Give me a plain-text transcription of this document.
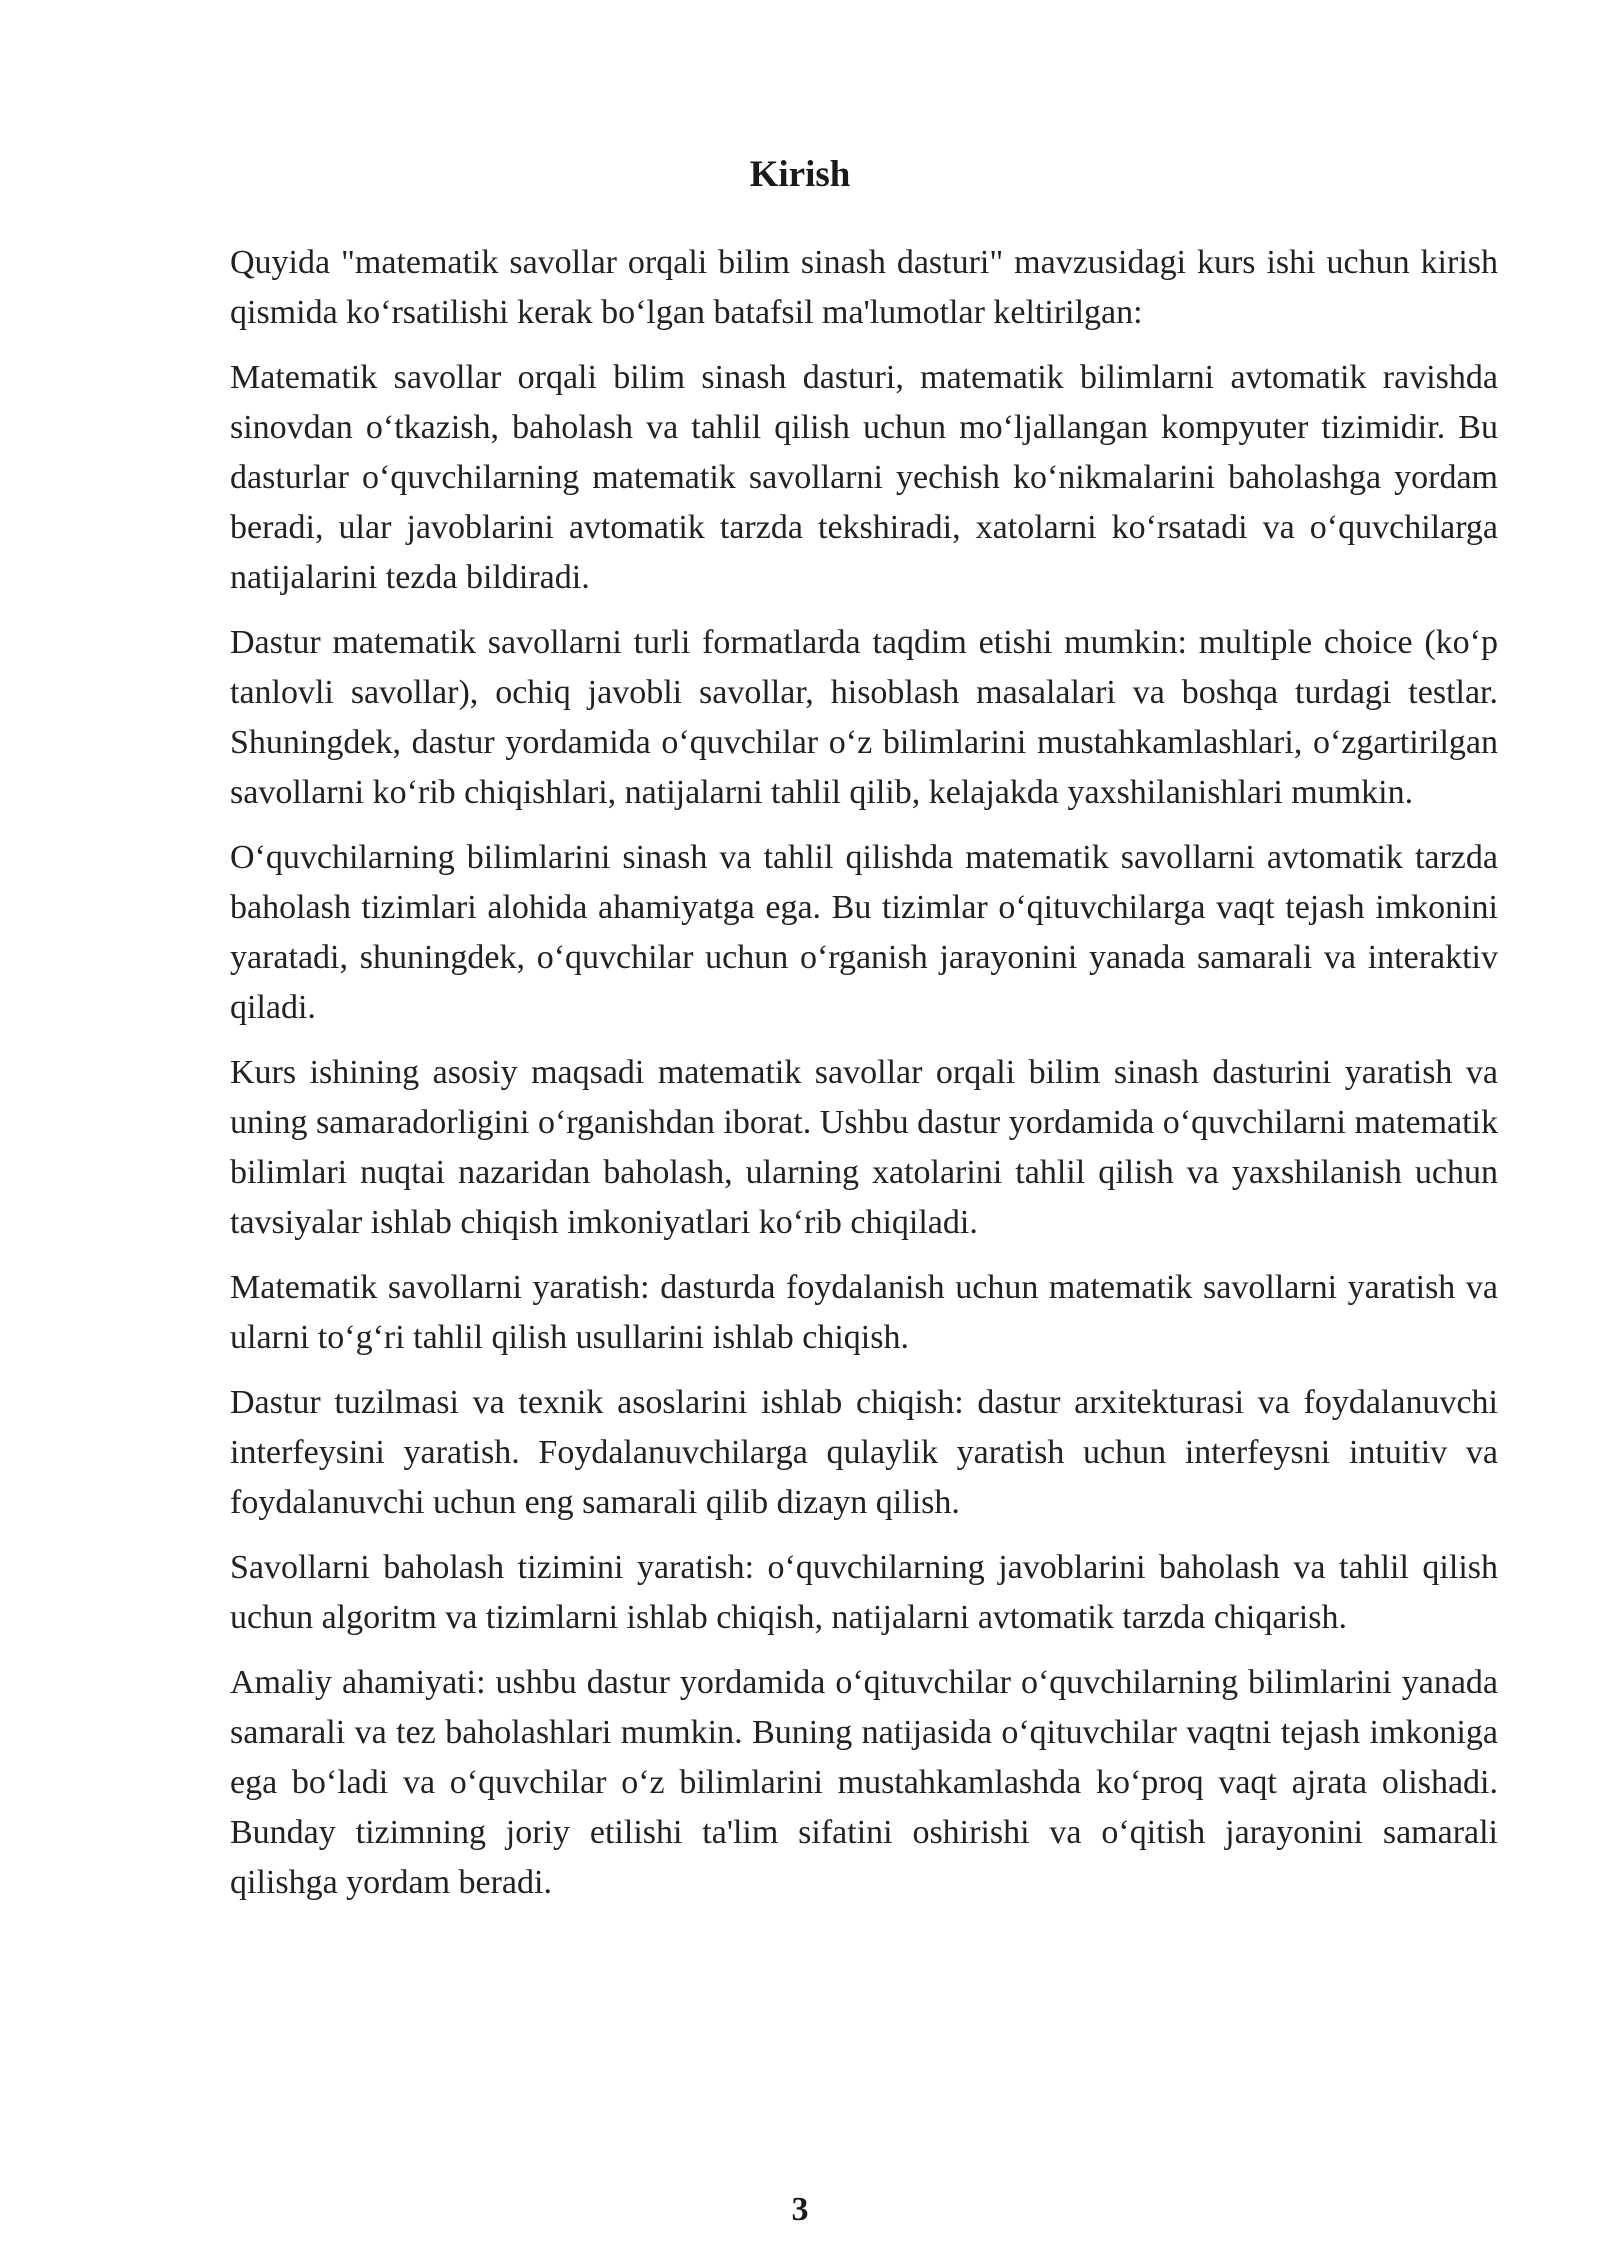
Kirish

Quyida "matematik savollar orqali bilim sinash dasturi" mavzusidagi kurs ishi uchun kirish qismida koʻrsatilishi kerak boʻlgan batafsil ma'lumotlar keltirilgan:

Matematik savollar orqali bilim sinash dasturi, matematik bilimlarni avtomatik ravishda sinovdan oʻtkazish, baholash va tahlil qilish uchun moʻljallangan kompyuter tizimidir. Bu dasturlar oʻquvchilarning matematik savollarni yechish koʻnikmalarini baholashga yordam beradi, ular javoblarini avtomatik tarzda tekshiradi, xatolarni koʻrsatadi va oʻquvchilarga natijalarini tezda bildiradi.

Dastur matematik savollarni turli formatlarda taqdim etishi mumkin: multiple choice (koʻp tanlovli savollar), ochiq javobli savollar, hisoblash masalalari va boshqa turdagi testlar. Shuningdek, dastur yordamida oʻquvchilar oʻz bilimlarini mustahkamlashlari, oʻzgartirilgan savollarni koʻrib chiqishlari, natijalarni tahlil qilib, kelajakda yaxshilanishlari mumkin.

Oʻquvchilarning bilimlarini sinash va tahlil qilishda matematik savollarni avtomatik tarzda baholash tizimlari alohida ahamiyatga ega. Bu tizimlar oʻqituvchilarga vaqt tejash imkonini yaratadi, shuningdek, oʻquvchilar uchun oʻrganish jarayonini yanada samarali va interaktiv qiladi.

Kurs ishining asosiy maqsadi matematik savollar orqali bilim sinash dasturini yaratish va uning samaradorligini oʻrganishdan iborat. Ushbu dastur yordamida oʻquvchilarni matematik bilimlari nuqtai nazaridan baholash, ularning xatolarini tahlil qilish va yaxshilanish uchun tavsiyalar ishlab chiqish imkoniyatlari koʻrib chiqiladi.

Matematik savollarni yaratish: dasturda foydalanish uchun matematik savollarni yaratish va ularni toʻgʻri tahlil qilish usullarini ishlab chiqish.

Dastur tuzilmasi va texnik asoslarini ishlab chiqish: dastur arxitekturasi va foydalanuvchi interfeysini yaratish. Foydalanuvchilarga qulaylik yaratish uchun interfeysni intuitiv va foydalanuvchi uchun eng samarali qilib dizayn qilish.

Savollarni baholash tizimini yaratish: oʻquvchilarning javoblarini baholash va tahlil qilish uchun algoritm va tizimlarni ishlab chiqish, natijalarni avtomatik tarzda chiqarish.

Amaliy ahamiyati: ushbu dastur yordamida oʻqituvchilar oʻquvchilarning bilimlarini yanada samarali va tez baholashlari mumkin. Buning natijasida oʻqituvchilar vaqtni tejash imkoniga ega boʻladi va oʻquvchilar oʻz bilimlarini mustahkamlashda koʻproq vaqt ajrata olishadi. Bunday tizimning joriy etilishi ta'lim sifatini oshirishi va oʻqitish jarayonini samarali qilishga yordam beradi.

3
